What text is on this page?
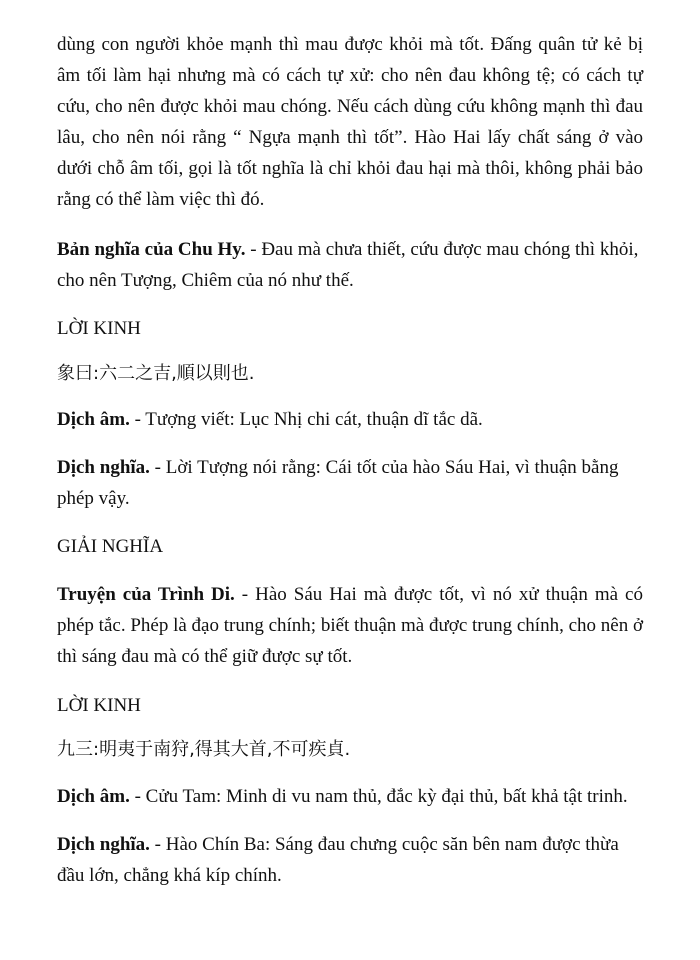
dùng con người khỏe mạnh thì mau được khỏi mà tốt. Đấng quân tử kẻ bị âm tối làm hại nhưng mà có cách tự xử: cho nên đau không tệ; có cách tự cứu, cho nên được khỏi mau chóng. Nếu cách dùng cứu không mạnh thì đau lâu, cho nên nói rằng “ Ngựa mạnh thì tốt”. Hào Hai lấy chất sáng ở vào dưới chỗ âm tối, gọi là tốt nghĩa là chỉ khỏi đau hại mà thôi, không phải bảo rằng có thể làm việc thì đó.

Bản nghĩa của Chu Hy. - Đau mà chưa thiết, cứu được mau chóng thì khỏi, cho nên Tượng, Chiêm của nó như thế.

LỜI KINH

象曰:六二之吉,順以則也.

Dịch âm. - Tượng viết: Lục Nhị chi cát, thuận dĩ tắc dã.

Dịch nghĩa. - Lời Tượng nói rằng: Cái tốt của hào Sáu Hai, vì thuận bằng phép vậy.

GIẢI NGHĨA

Truyện của Trình Di. - Hào Sáu Hai mà được tốt, vì nó xử thuận mà có phép tắc. Phép là đạo trung chính; biết thuận mà được trung chính, cho nên ở thì sáng đau mà có thể giữ được sự tốt.

LỜI KINH

九三:明夷于南狩,得其大首,不可疾貞.

Dịch âm. - Cửu Tam: Minh di vu nam thủ, đắc kỳ đại thủ, bất khả tật trinh.

Dịch nghĩa. - Hào Chín Ba: Sáng đau chưng cuộc săn bên nam được thừa đầu lớn, chẳng khá kíp chính.
